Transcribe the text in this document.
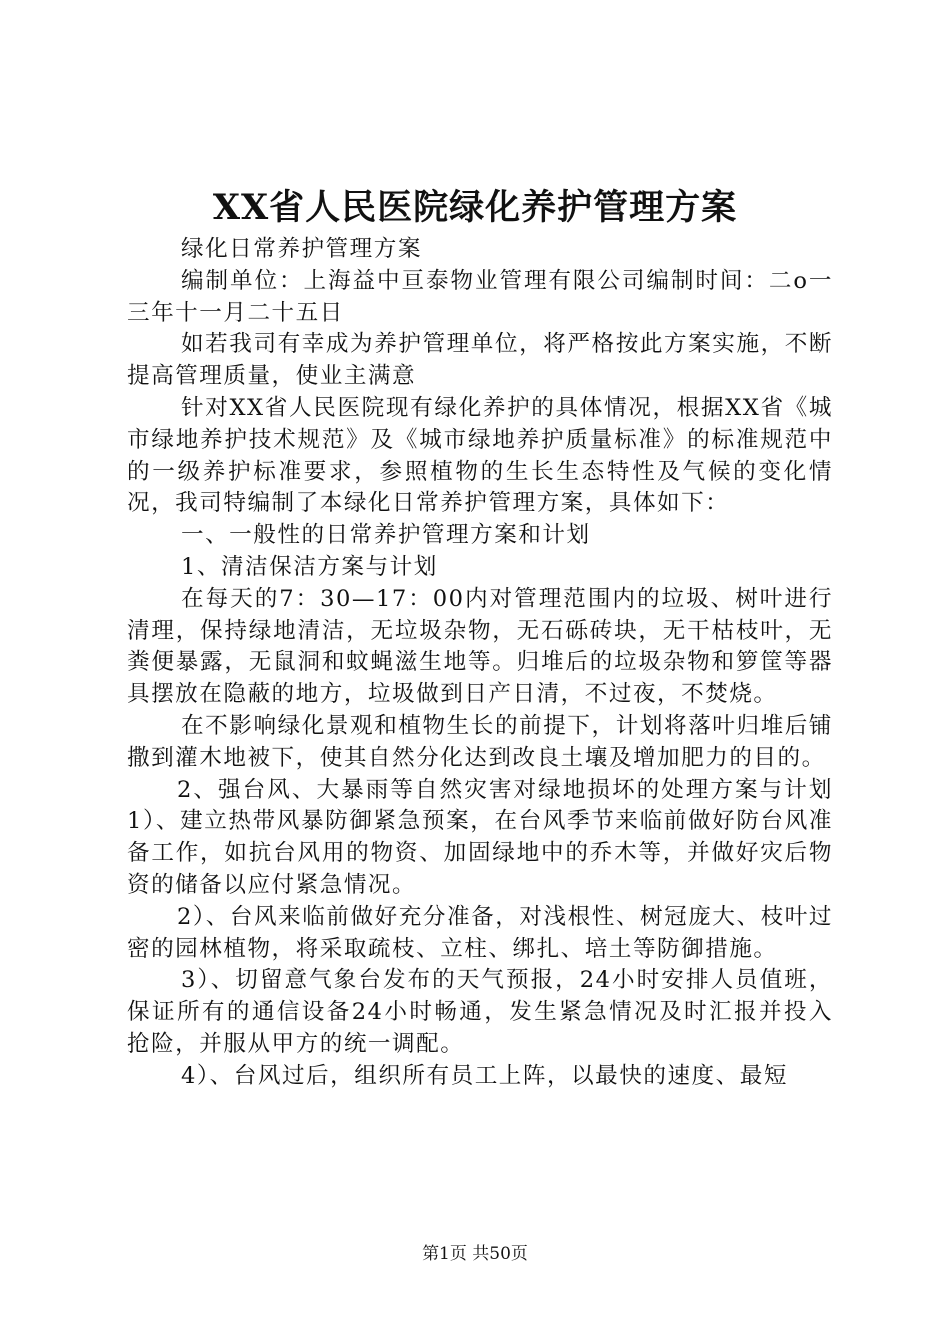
XX省人民医院绿化养护管理方案

绿化日常养护管理方案

编制单位：上海益中亘泰物业管理有限公司编制时间：二o一三年十一月二十五日

如若我司有幸成为养护管理单位，将严格按此方案实施，不断提高管理质量，使业主满意

针对XX省人民医院现有绿化养护的具体情况，根据XX省《城市绿地养护技术规范》及《城市绿地养护质量标准》的标准规范中的一级养护标准要求，参照植物的生长生态特性及气候的变化情况，我司特编制了本绿化日常养护管理方案，具体如下：

一、一般性的日常养护管理方案和计划

1、清洁保洁方案与计划

在每天的7：30—17：00内对管理范围内的垃圾、树叶进行清理，保持绿地清洁，无垃圾杂物，无石砾砖块，无干枯枝叶，无粪便暴露，无鼠洞和蚊蝇滋生地等。归堆后的垃圾杂物和箩筐等器具摆放在隐蔽的地方，垃圾做到日产日清，不过夜，不焚烧。

在不影响绿化景观和植物生长的前提下，计划将落叶归堆后铺撒到灌木地被下，使其自然分化达到改良土壤及增加肥力的目的。

2、强台风、大暴雨等自然灾害对绿地损坏的处理方案与计划1）、建立热带风暴防御紧急预案，在台风季节来临前做好防台风准备工作，如抗台风用的物资、加固绿地中的乔木等，并做好灾后物资的储备以应付紧急情况。

2）、台风来临前做好充分准备，对浅根性、树冠庞大、枝叶过密的园林植物，将采取疏枝、立柱、绑扎、培土等防御措施。

3）、切留意气象台发布的天气预报，24小时安排人员值班，保证所有的通信设备24小时畅通，发生紧急情况及时汇报并投入抢险，并服从甲方的统一调配。

4）、台风过后，组织所有员工上阵，以最快的速度、最短

第1页 共50页
